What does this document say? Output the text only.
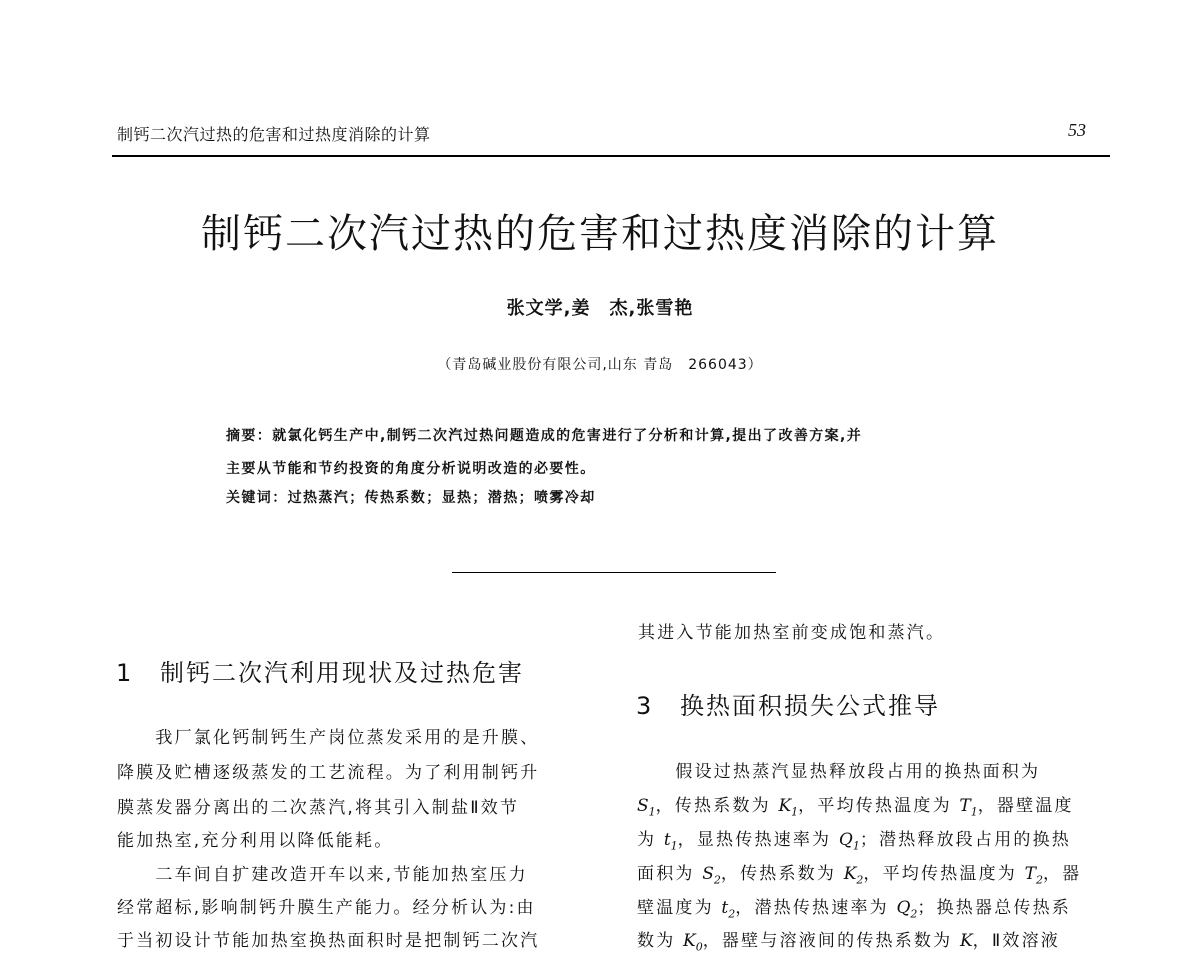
制钙二次汽过热的危害和过热度消除的计算	53
制钙二次汽过热的危害和过热度消除的计算
张文学,姜　杰,张雪艳
（青岛碱业股份有限公司,山东 青岛　266043）
摘要：就氯化钙生产中,制钙二次汽过热问题造成的危害进行了分析和计算,提出了改善方案,并
主要从节能和节约投资的角度分析说明改造的必要性。
关键词：过热蒸汽；传热系数；显热；潜热；喷雾冷却
1 制钙二次汽利用现状及过热危害
　　我厂氯化钙制钙生产岗位蒸发采用的是升膜、
降膜及贮槽逐级蒸发的工艺流程。为了利用制钙升
膜蒸发器分离出的二次蒸汽,将其引入制盐Ⅱ效节
能加热室,充分利用以降低能耗。
　　二车间自扩建改造开车以来,节能加热室压力
经常超标,影响制钙升膜生产能力。经分析认为:由
于当初设计节能加热室换热面积时是把制钙二次汽
其进入节能加热室前变成饱和蒸汽。
3 换热面积损失公式推导
　　假设过热蒸汽显热释放段占用的换热面积为
$S_1$，传热系数为 $K_1$，平均传热温度为 $T_1$，器壁温度
为 $t_1$，显热传热速率为 $Q_1$；潜热释放段占用的换热
面积为 $S_2$，传热系数为 $K_2$，平均传热温度为 $T_2$，器
壁温度为 $t_2$，潜热传热速率为 $Q_2$；换热器总传热系
数为 $K_0$，器壁与溶液间的传热系数为 K，Ⅱ效溶液
